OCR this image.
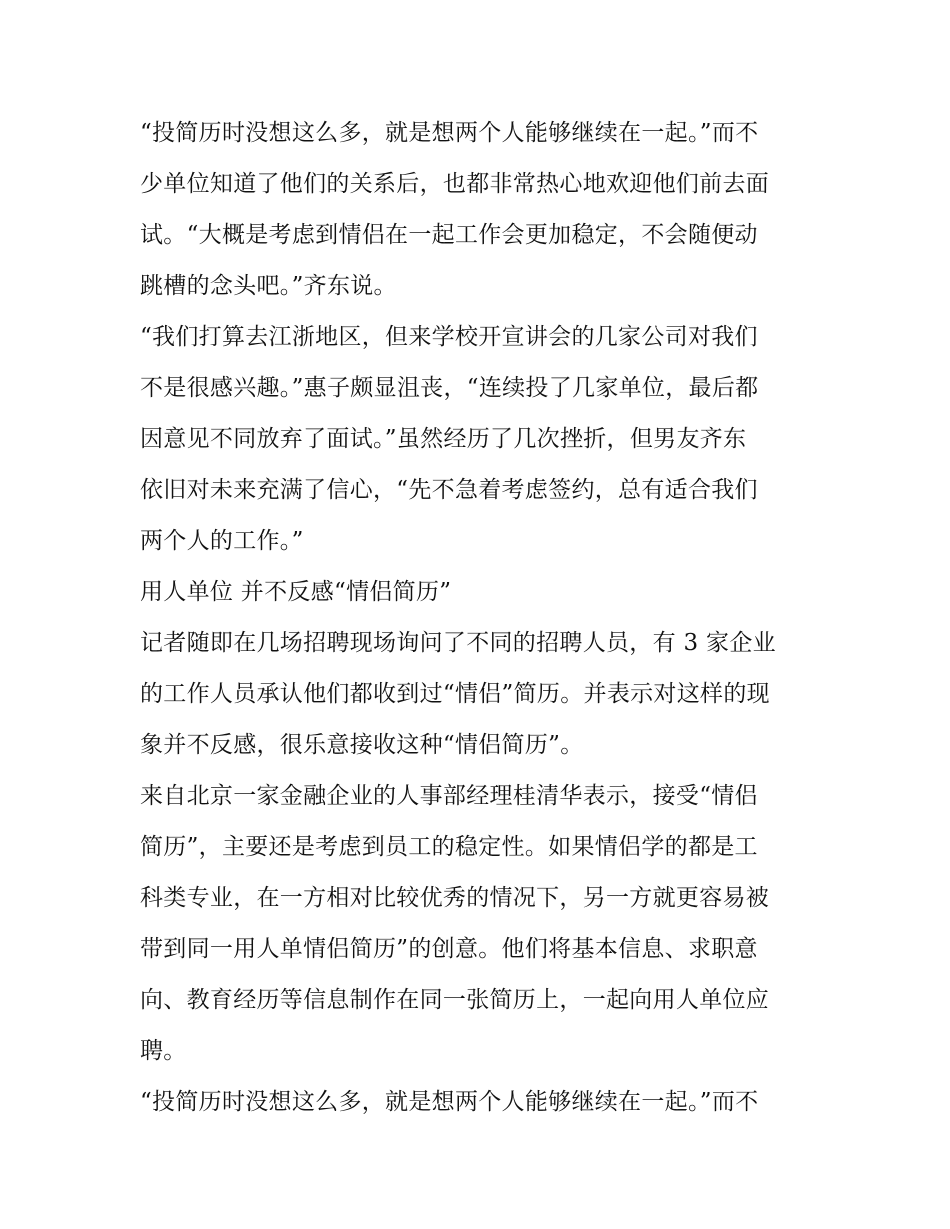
“投简历时没想这么多，就是想两个人能够继续在一起。”而不
少单位知道了他们的关系后，也都非常热心地欢迎他们前去面
试。“大概是考虑到情侣在一起工作会更加稳定，不会随便动
跳槽的念头吧。”齐东说。
“我们打算去江浙地区，但来学校开宣讲会的几家公司对我们
不是很感兴趣。”惠子颇显沮丧，“连续投了几家单位，最后都
因意见不同放弃了面试。”虽然经历了几次挫折，但男友齐东
依旧对未来充满了信心，“先不急着考虑签约，总有适合我们
两个人的工作。”
用人单位 并不反感“情侣简历”
记者随即在几场招聘现场询问了不同的招聘人员，有 3 家企业
的工作人员承认他们都收到过“情侣”简历。并表示对这样的现
象并不反感，很乐意接收这种“情侣简历”。
来自北京一家金融企业的人事部经理桂清华表示，接受“情侣
简历”，主要还是考虑到员工的稳定性。如果情侣学的都是工
科类专业，在一方相对比较优秀的情况下，另一方就更容易被
带到同一用人单情侣简历”的创意。他们将基本信息、求职意
向、教育经历等信息制作在同一张简历上，一起向用人单位应
聘。
“投简历时没想这么多，就是想两个人能够继续在一起。”而不
